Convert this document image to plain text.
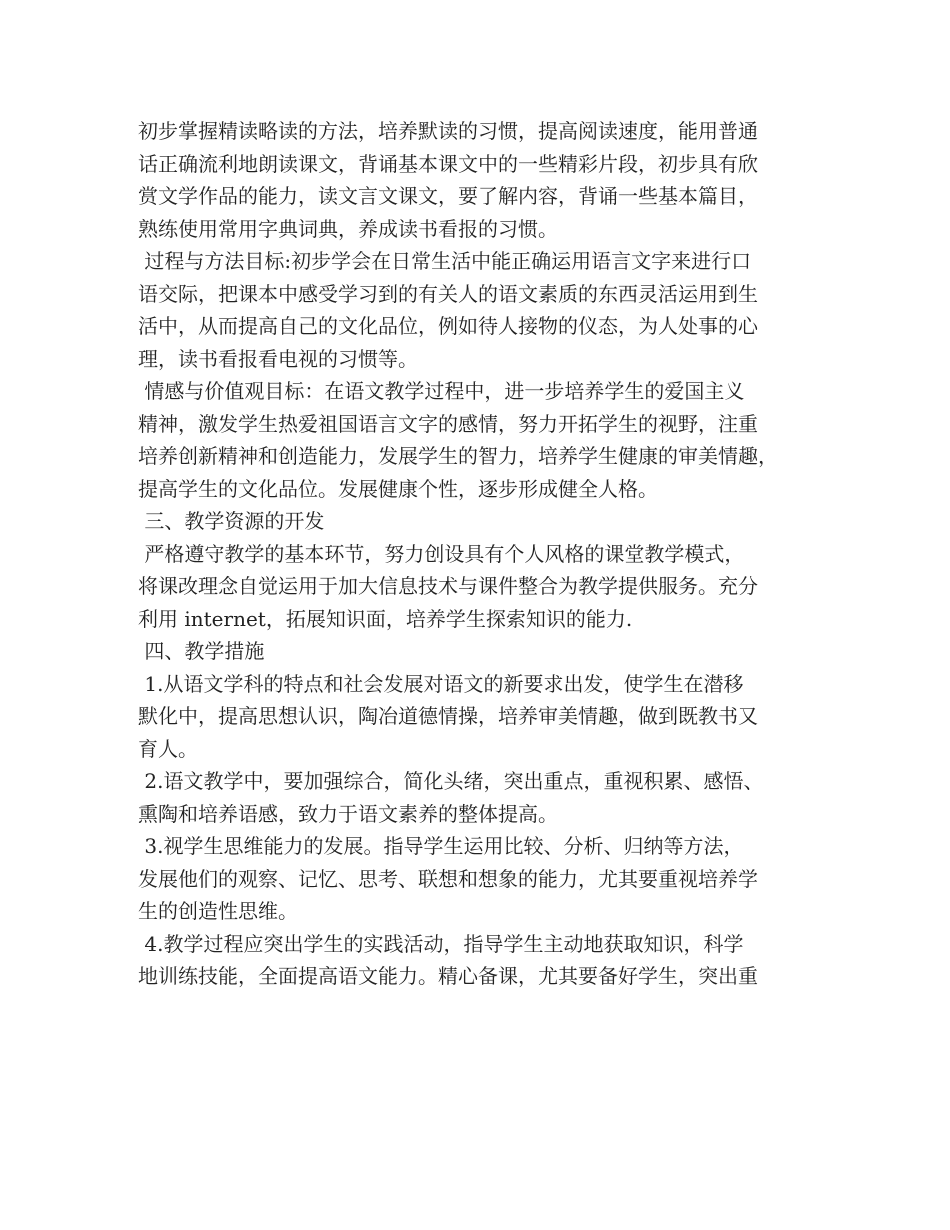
初步掌握精读略读的方法，培养默读的习惯，提高阅读速度，能用普通
话正确流利地朗读课文，背诵基本课文中的一些精彩片段，初步具有欣
赏文学作品的能力，读文言文课文，要了解内容，背诵一些基本篇目，
熟练使用常用字典词典，养成读书看报的习惯。
过程与方法目标:初步学会在日常生活中能正确运用语言文字来进行口
语交际，把课本中感受学习到的有关人的语文素质的东西灵活运用到生
活中，从而提高自己的文化品位，例如待人接物的仪态，为人处事的心
理，读书看报看电视的习惯等。
情感与价值观目标：在语文教学过程中，进一步培养学生的爱国主义
精神，激发学生热爱祖国语言文字的感情，努力开拓学生的视野，注重
培养创新精神和创造能力，发展学生的智力，培养学生健康的审美情趣，
提高学生的文化品位。发展健康个性，逐步形成健全人格。
三、教学资源的开发
严格遵守教学的基本环节，努力创设具有个人风格的课堂教学模式，
将课改理念自觉运用于加大信息技术与课件整合为教学提供服务。充分
利用 internet，拓展知识面，培养学生探索知识的能力.
四、教学措施
1.从语文学科的特点和社会发展对语文的新要求出发，使学生在潜移
默化中，提高思想认识，陶冶道德情操，培养审美情趣，做到既教书又
育人。
2.语文教学中，要加强综合，简化头绪，突出重点，重视积累、感悟、
熏陶和培养语感，致力于语文素养的整体提高。
3.视学生思维能力的发展。指导学生运用比较、分析、归纳等方法，
发展他们的观察、记忆、思考、联想和想象的能力，尤其要重视培养学
生的创造性思维。
4.教学过程应突出学生的实践活动，指导学生主动地获取知识，科学
地训练技能，全面提高语文能力。精心备课，尤其要备好学生，突出重
